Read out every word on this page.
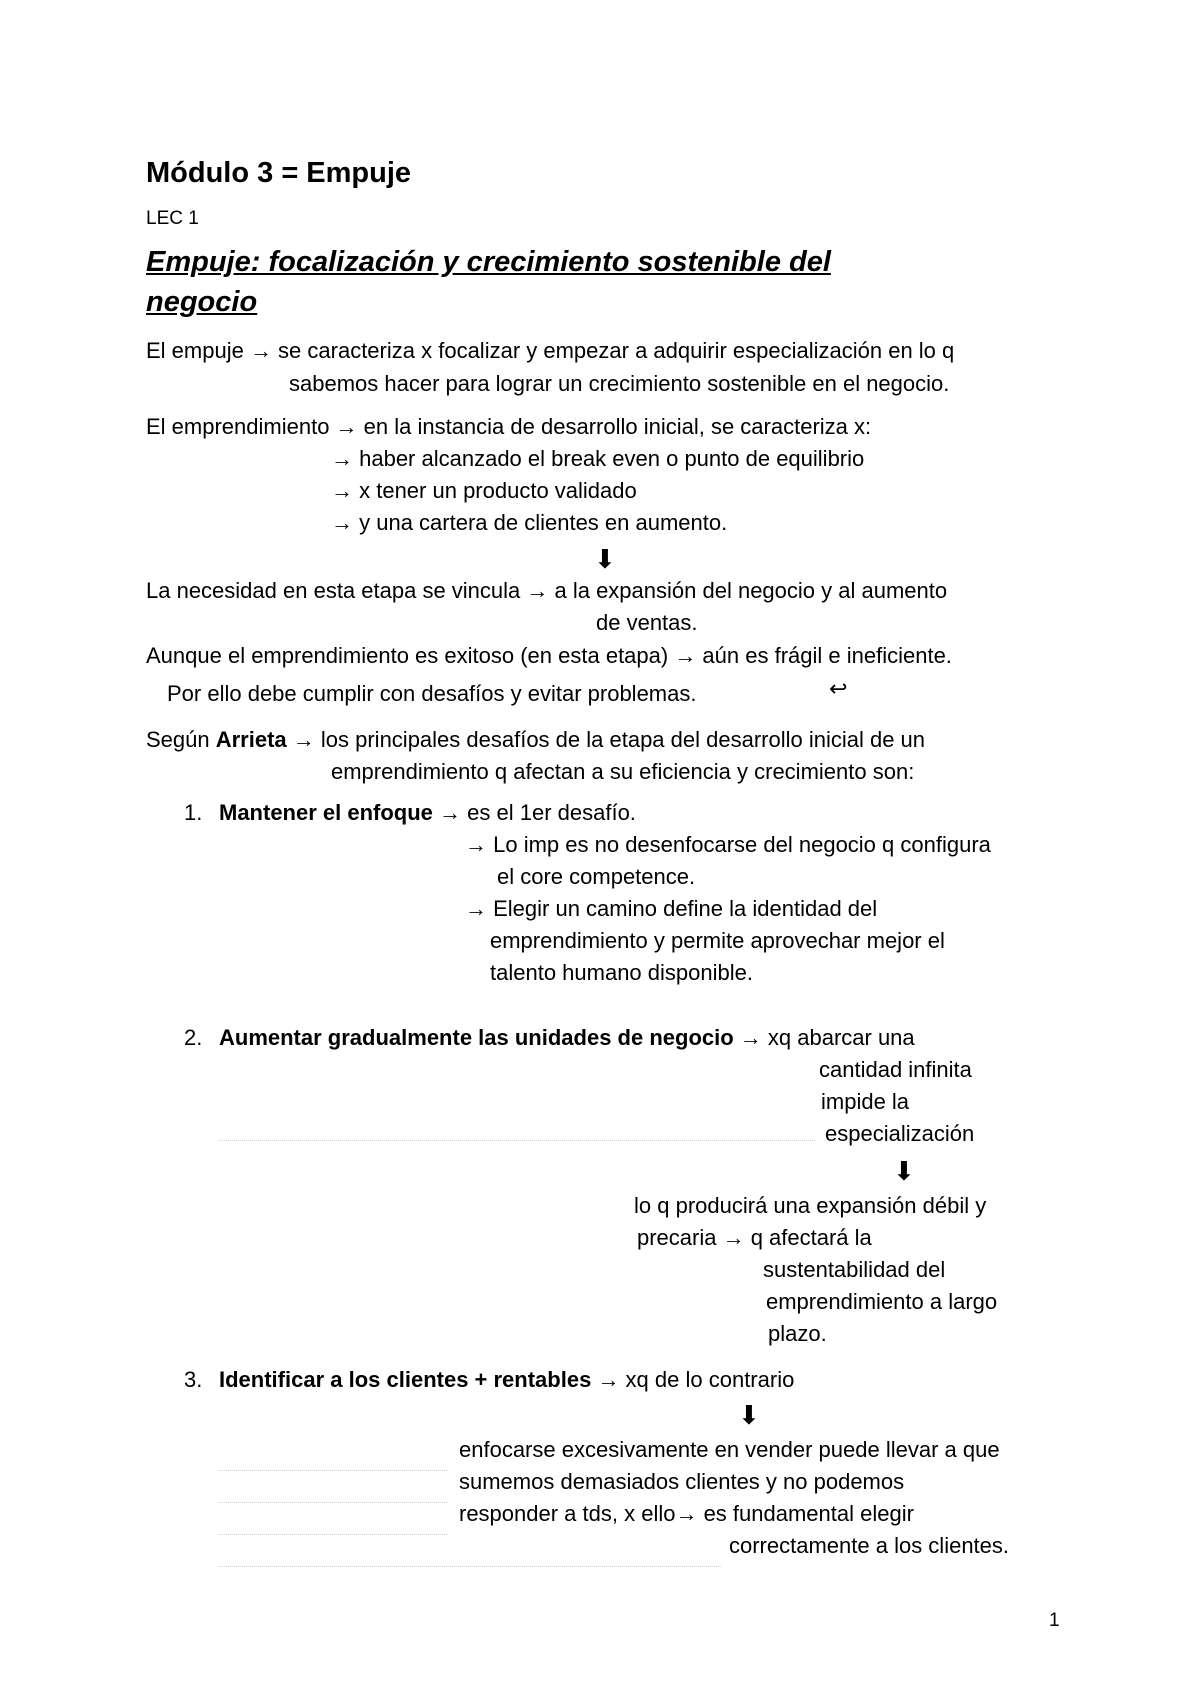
Módulo 3 = Empuje
LEC 1
Empuje: focalización y crecimiento sostenible del
negocio
El empuje → se caracteriza x focalizar y empezar a adquirir especialización en lo q
sabemos hacer para lograr un crecimiento sostenible en el negocio.
El emprendimiento → en la instancia de desarrollo inicial, se caracteriza x:
→ haber alcanzado el break even o punto de equilibrio
→ x tener un producto validado
→ y una cartera de clientes en aumento.
⬇
La necesidad en esta etapa se vincula → a la expansión del negocio y al aumento
de ventas.
Aunque el emprendimiento es exitoso (en esta etapa) → aún es frágil e ineficiente.
Por ello debe cumplir con desafíos y evitar problemas.	↩
Según Arrieta → los principales desafíos de la etapa del desarrollo inicial de un
emprendimiento q afectan a su eficiencia y crecimiento son:
1. Mantener el enfoque → es el 1er desafío.
→ Lo imp es no desenfocarse del negocio q configura
el core competence.
→ Elegir un camino define la identidad del
emprendimiento y permite aprovechar mejor el
talento humano disponible.
2. Aumentar gradualmente las unidades de negocio → xq abarcar una
cantidad infinita
impide la
especialización
⬇
lo q producirá una expansión débil y
precaria → q afectará la
sustentabilidad del
emprendimiento a largo
plazo.
3. Identificar a los clientes + rentables → xq de lo contrario
⬇
enfocarse excesivamente en vender puede llevar a que
sumemos demasiados clientes y no podemos
responder a tds, x ello→ es fundamental elegir
correctamente a los clientes.
1
